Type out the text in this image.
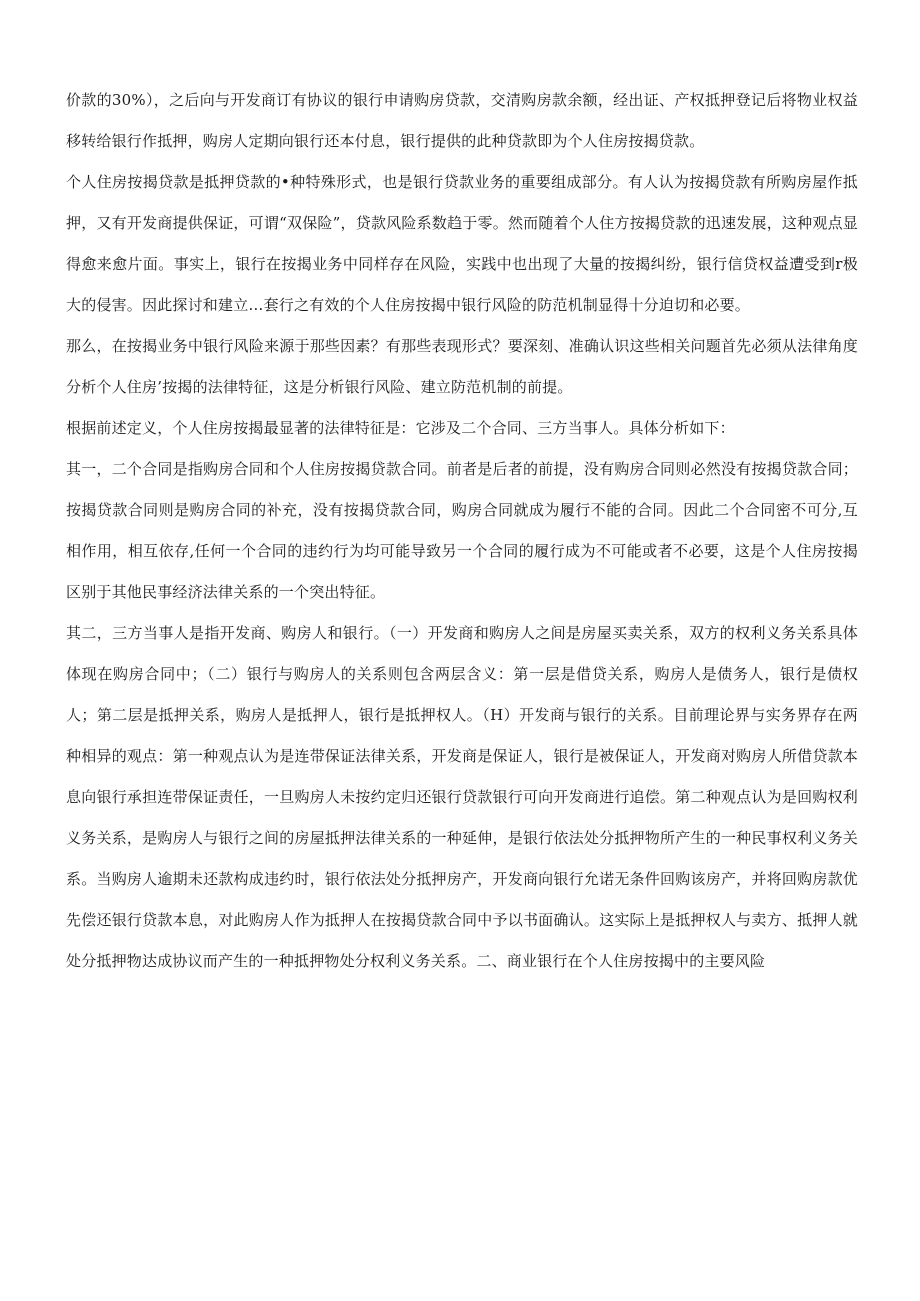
价款的30%），之后向与开发商订有协议的银行申请购房贷款，交清购房款余额，经出证、产权抵押登记后将物业权益移转给银行作抵押，购房人定期向银行还本付息，银行提供的此种贷款即为个人住房按揭贷款。

个人住房按揭贷款是抵押贷款的•种特殊形式，也是银行贷款业务的重要组成部分。有人认为按揭贷款有所购房屋作抵押，又有开发商提供保证，可谓“双保险”，贷款风险系数趋于零。然而随着个人住方按揭贷款的迅速发展，这种观点显得愈来愈片面。事实上，银行在按揭业务中同样存在风险，实践中也出现了大量的按揭纠纷，银行信贷权益遭受到r极大的侵害。因此探讨和建立…套行之有效的个人住房按揭中银行风险的防范机制显得十分迫切和必要。

那么，在按揭业务中银行风险来源于那些因素？有那些表现形式？要深刻、准确认识这些相关问题首先必须从法律角度分析个人住房’按揭的法律特征，这是分析银行风险、建立防范机制的前提。

根据前述定义，个人住房按揭最显著的法律特征是：它涉及二个合同、三方当事人。具体分析如下：

其一，二个合同是指购房合同和个人住房按揭贷款合同。前者是后者的前提，没有购房合同则必然没有按揭贷款合同；按揭贷款合同则是购房合同的补充，没有按揭贷款合同，购房合同就成为履行不能的合同。因此二个合同密不可分,互相作用，相互依存,任何一个合同的违约行为均可能导致另一个合同的履行成为不可能或者不必要，这是个人住房按揭区别于其他民事经济法律关系的一个突出特征。

其二，三方当事人是指开发商、购房人和银行。（一）开发商和购房人之间是房屋买卖关系，双方的权利义务关系具体体现在购房合同中；（二）银行与购房人的关系则包含两层含义：第一层是借贷关系，购房人是债务人，银行是债权人；第二层是抵押关系，购房人是抵押人，银行是抵押权人。（H）开发商与银行的关系。目前理论界与实务界存在两种相异的观点：第一种观点认为是连带保证法律关系，开发商是保证人，银行是被保证人，开发商对购房人所借贷款本息向银行承担连带保证责任，一旦购房人未按约定归还银行贷款银行可向开发商进行追偿。第二种观点认为是回购权利义务关系，是购房人与银行之间的房屋抵押法律关系的一种延伸，是银行依法处分抵押物所产生的一种民事权利义务关系。当购房人逾期未还款构成违约时，银行依法处分抵押房产，开发商向银行允诺无条件回购该房产，并将回购房款优先偿还银行贷款本息，对此购房人作为抵押人在按揭贷款合同中予以书面确认。这实际上是抵押权人与卖方、抵押人就处分抵押物达成协议而产生的一种抵押物处分权利义务关系。二、商业银行在个人住房按揭中的主要风险
